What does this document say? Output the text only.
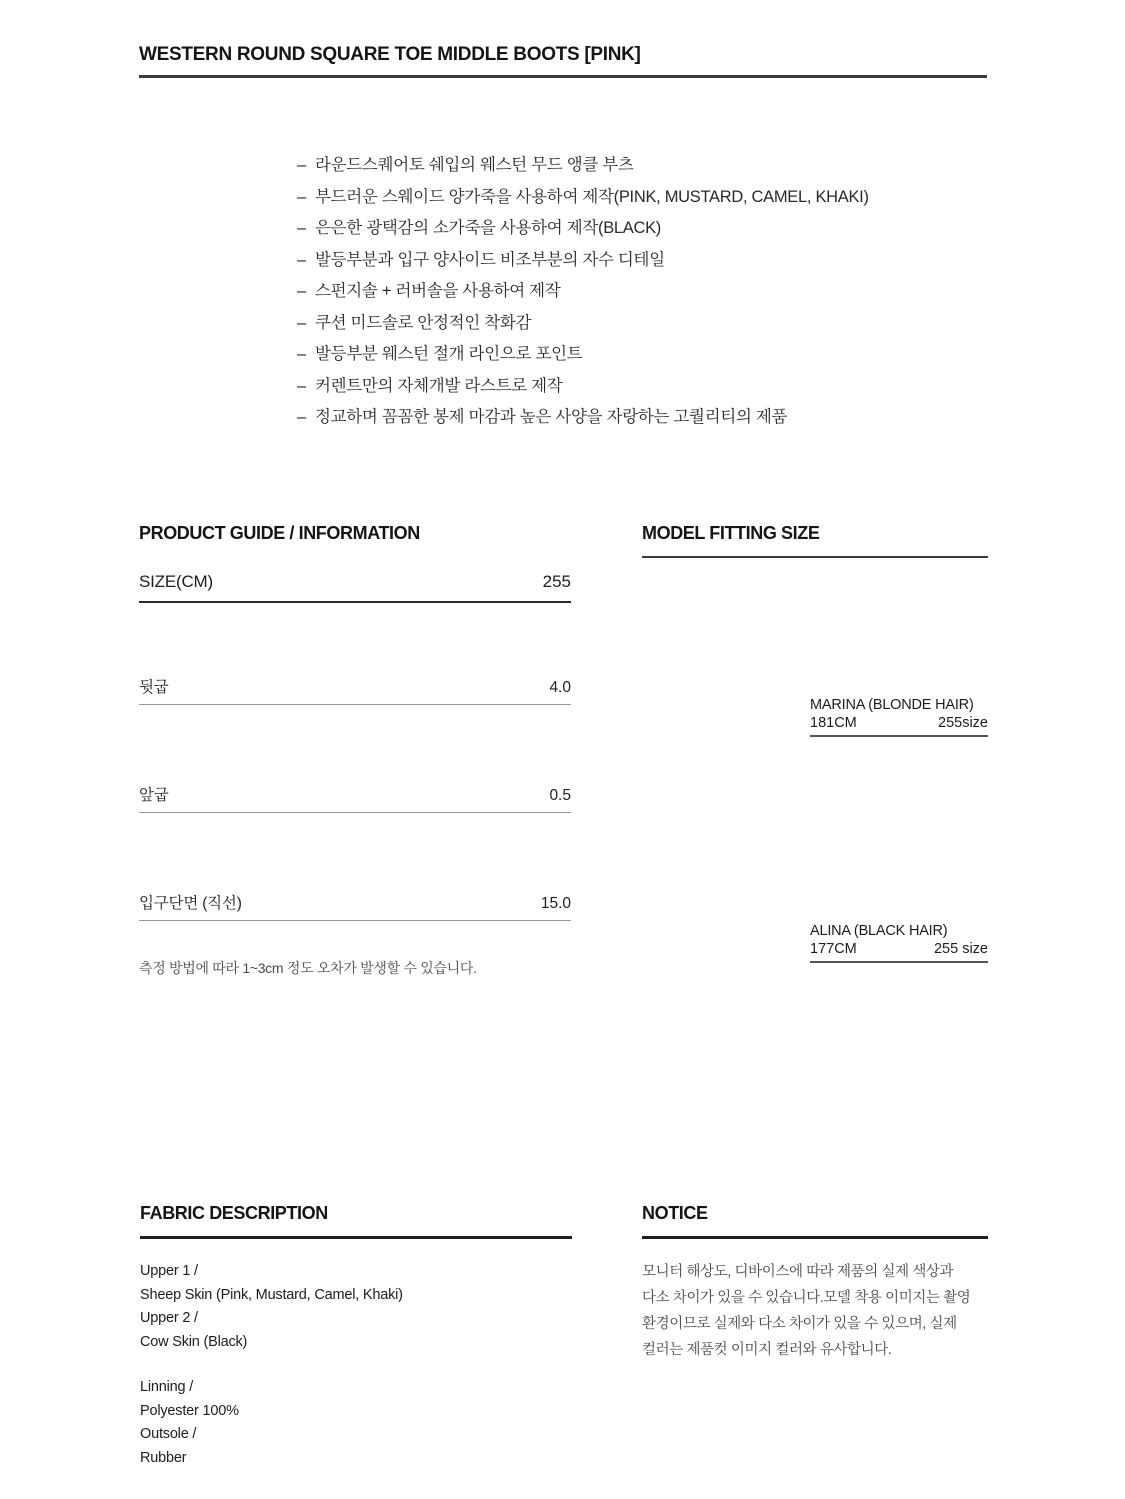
WESTERN ROUND SQUARE TOE MIDDLE BOOTS [PINK]
– 라운드스퀘어토 쉐입의 웨스턴 무드 앵클 부츠
– 부드러운 스웨이드 양가죽을 사용하여 제작(PINK, MUSTARD, CAMEL, KHAKI)
– 은은한 광택감의 소가죽을 사용하여 제작(BLACK)
– 발등부분과 입구 양사이드 비조부분의 자수 디테일
– 스펀지솔 + 러버솔을 사용하여 제작
– 쿠션 미드솔로 안정적인 착화감
– 발등부분 웨스턴 절개 라인으로 포인트
– 커렌트만의 자체개발 라스트로 제작
– 정교하며 꼼꼼한 봉제 마감과 높은 사양을 자랑하는 고퀄리티의 제품
PRODUCT GUIDE / INFORMATION
SIZE(CM)	255
뒷굽	4.0
앞굽	0.5
입구단면 (직선)	15.0
측정 방법에 따라 1~3cm 정도 오차가 발생할 수 있습니다.
MODEL FITTING SIZE
MARINA (BLONDE HAIR)
181CM	255size
ALINA (BLACK HAIR)
177CM	255 size
FABRIC DESCRIPTION
Upper 1 /
Sheep Skin (Pink, Mustard, Camel, Khaki)
Upper 2 /
Cow Skin (Black)
Linning /
Polyester 100%
Outsole /
Rubber
NOTICE
모니터 해상도, 디바이스에 따라 제품의 실제 색상과
다소 차이가 있을 수 있습니다.모델 착용 이미지는 촬영
환경이므로 실제와 다소 차이가 있을 수 있으며, 실제
컬러는 제품컷 이미지 컬러와 유사합니다.
